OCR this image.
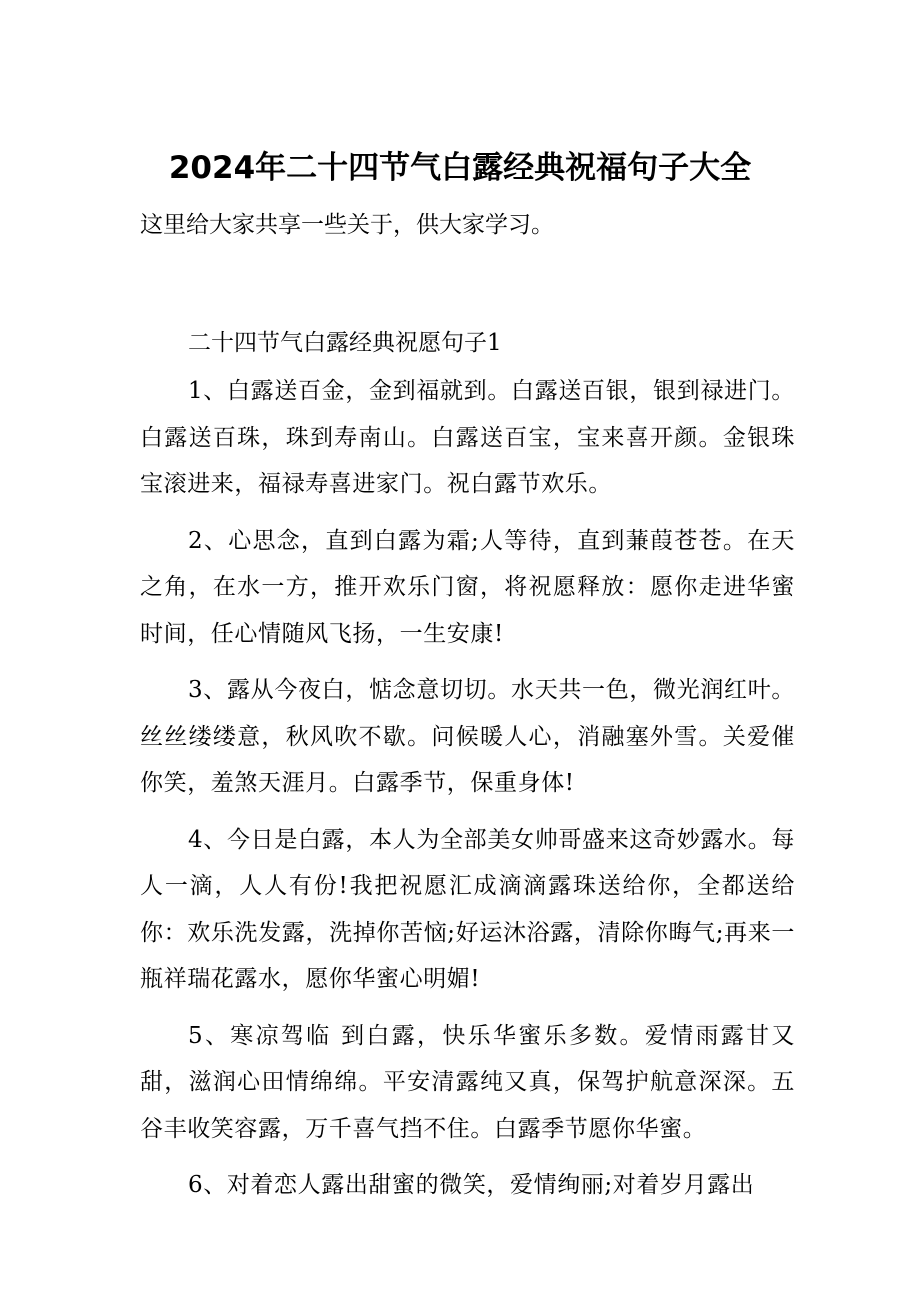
2024年二十四节气白露经典祝福句子大全

这里给大家共享一些关于，供大家学习。

二十四节气白露经典祝愿句子1

1、白露送百金，金到福就到。白露送百银，银到禄进门。白露送百珠，珠到寿南山。白露送百宝，宝来喜开颜。金银珠宝滚进来，福禄寿喜进家门。祝白露节欢乐。

2、心思念，直到白露为霜;人等待，直到蒹葭苍苍。在天之角，在水一方，推开欢乐门窗，将祝愿释放：愿你走进华蜜时间，任心情随风飞扬，一生安康!

3、露从今夜白，惦念意切切。水天共一色，微光润红叶。丝丝缕缕意，秋风吹不歇。问候暖人心，消融塞外雪。关爱催你笑，羞煞天涯月。白露季节，保重身体!

4、今日是白露，本人为全部美女帅哥盛来这奇妙露水。每人一滴，人人有份!我把祝愿汇成滴滴露珠送给你，全都送给你：欢乐洗发露，洗掉你苦恼;好运沐浴露，清除你晦气;再来一瓶祥瑞花露水，愿你华蜜心明媚!

5、寒凉驾临 到白露，快乐华蜜乐多数。爱情雨露甘又甜，滋润心田情绵绵。平安清露纯又真，保驾护航意深深。五谷丰收笑容露，万千喜气挡不住。白露季节愿你华蜜。

6、对着恋人露出甜蜜的微笑，爱情绚丽;对着岁月露出
